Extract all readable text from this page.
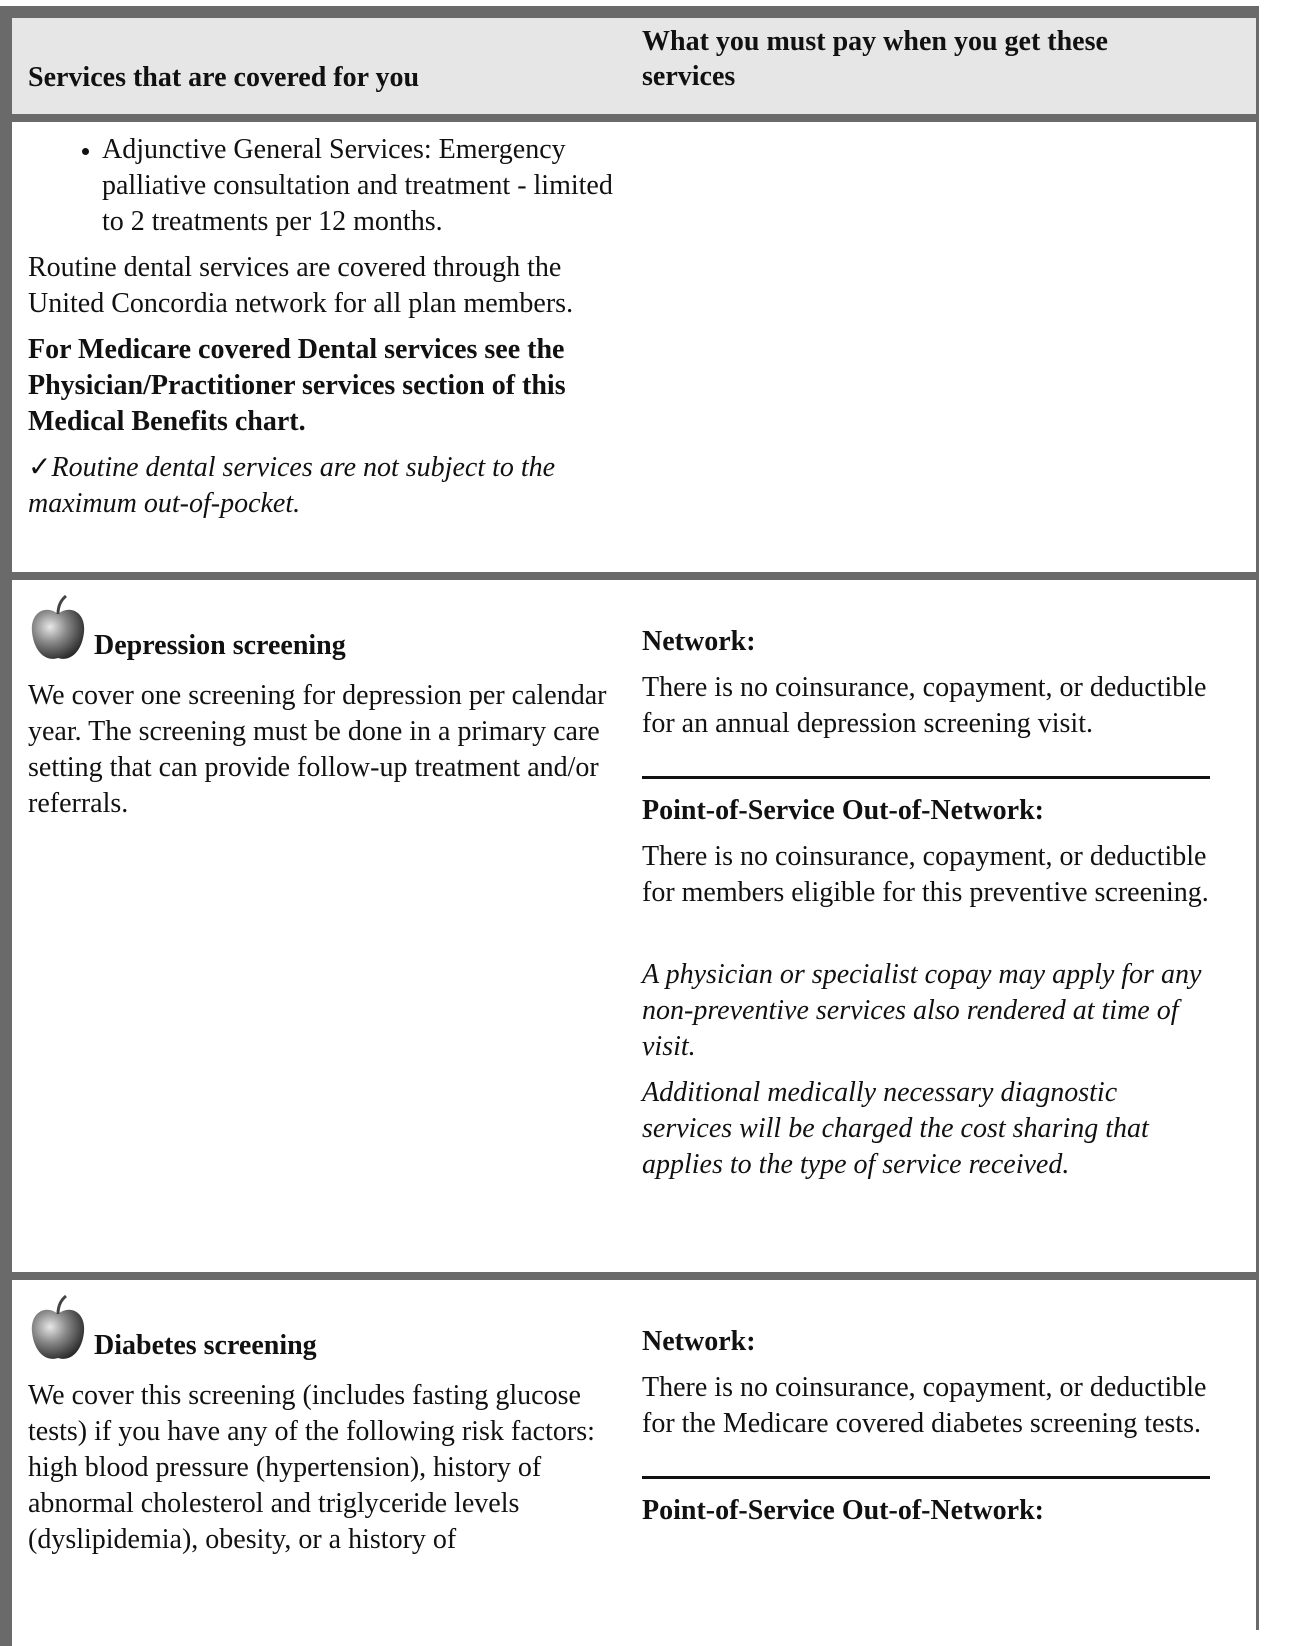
Services that are covered for you
What you must pay when you get these services
• Adjunctive General Services: Emergency palliative consultation and treatment - limited to 2 treatments per 12 months.

Routine dental services are covered through the United Concordia network for all plan members.

For Medicare covered Dental services see the Physician/Practitioner services section of this Medical Benefits chart.

✓Routine dental services are not subject to the maximum out-of-pocket.

Depression screening

We cover one screening for depression per calendar year. The screening must be done in a primary care setting that can provide follow-up treatment and/or referrals.

Network:

There is no coinsurance, copayment, or deductible for an annual depression screening visit.

Point-of-Service Out-of-Network:

There is no coinsurance, copayment, or deductible for members eligible for this preventive screening.

A physician or specialist copay may apply for any non-preventive services also rendered at time of visit.

Additional medically necessary diagnostic services will be charged the cost sharing that applies to the type of service received.

Diabetes screening

We cover this screening (includes fasting glucose tests) if you have any of the following risk factors: high blood pressure (hypertension), history of abnormal cholesterol and triglyceride levels (dyslipidemia), obesity, or a history of

Network:

There is no coinsurance, copayment, or deductible for the Medicare covered diabetes screening tests.

Point-of-Service Out-of-Network:
